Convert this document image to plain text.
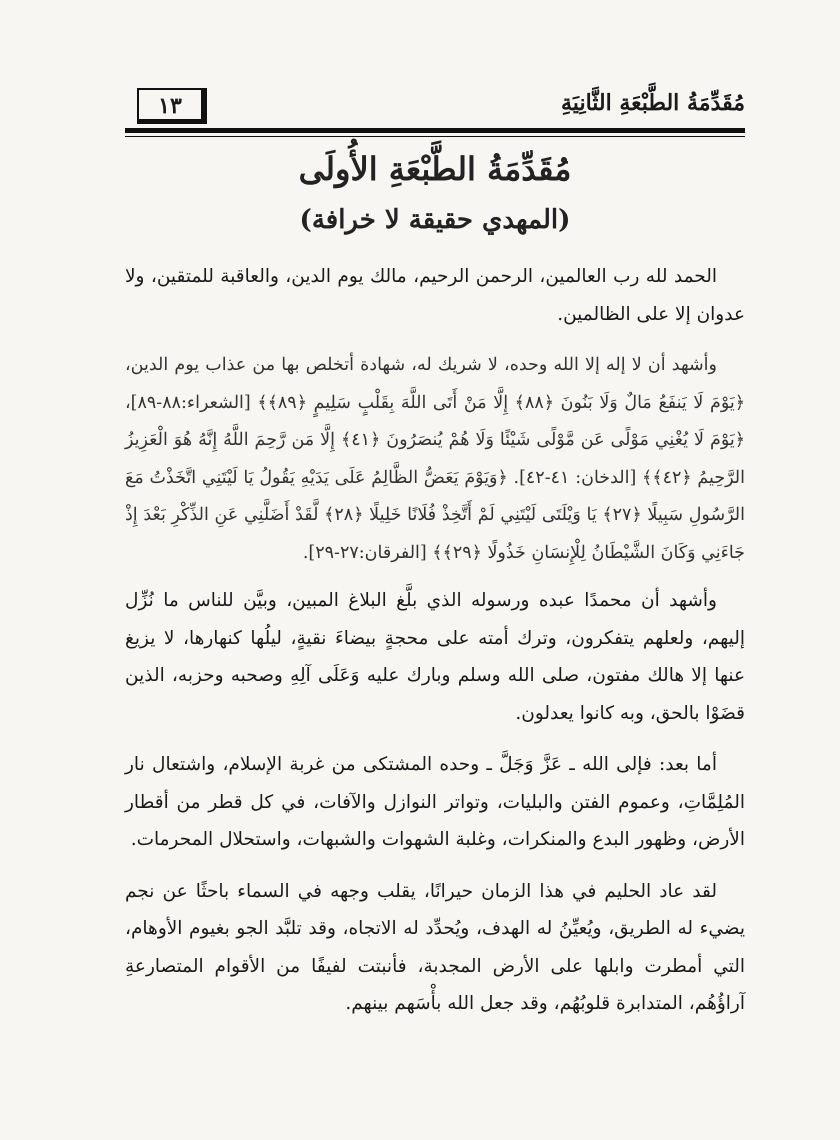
١٣	مُقَدِّمَةُ الطَّبْعَةِ الثَّانِيَةِ
مُقَدِّمَةُ الطَّبْعَةِ الأُولَى
(المهدي حقيقة لا خرافة)

الحمد لله رب العالمين، الرحمن الرحيم، مالك يوم الدين، والعاقبة للمتقين، ولا عدوان إلا على الظالمين.

وأشهد أن لا إله إلا الله وحده، لا شريك له، شهادة أتخلص بها من عذاب يوم الدين، ﴿يَوْمَ لَا يَنفَعُ مَالٌ وَلَا بَنُونَ ﴿٨٨﴾ إِلَّا مَنْ أَتَى اللَّهَ بِقَلْبٍ سَلِيمٍ ﴿٨٩﴾﴾ [الشعراء:٨٨-٨٩]، ﴿يَوْمَ لَا يُغْنِي مَوْلًى عَن مَّوْلًى شَيْئًا وَلَا هُمْ يُنصَرُونَ ﴿٤١﴾ إِلَّا مَن رَّحِمَ اللَّهُ إِنَّهُ هُوَ الْعَزِيزُ الرَّحِيمُ ﴿٤٢﴾﴾ [الدخان: ٤١-٤٢]. ﴿وَيَوْمَ يَعَضُّ الظَّالِمُ عَلَى يَدَيْهِ يَقُولُ يَا لَيْتَنِي اتَّخَذْتُ مَعَ الرَّسُولِ سَبِيلًا ﴿٢٧﴾ يَا وَيْلَتَى لَيْتَنِي لَمْ أَتَّخِذْ فُلَانًا خَلِيلًا ﴿٢٨﴾ لَّقَدْ أَضَلَّنِي عَنِ الذِّكْرِ بَعْدَ إِذْ جَاءَنِي وَكَانَ الشَّيْطَانُ لِلْإِنسَانِ خَذُولًا ﴿٢٩﴾﴾ [الفرقان:٢٧-٢٩].

وأشهد أن محمدًا عبده ورسوله الذي بلَّغ البلاغ المبين، وبيَّن للناس ما نُزِّل إليهم، ولعلهم يتفكرون، وترك أمته على محجةٍ بيضاءَ نقيةٍ، ليلُها كنهارها، لا يزيغ عنها إلا هالك مفتون، صلى الله وسلم وبارك عليه وَعَلَى آلِهِ وصحبه وحزبه، الذين قضَوْا بالحق، وبه كانوا يعدلون.

أما بعد: فإلى الله ـ عَزَّ وَجَلَّ ـ وحده المشتكى من غربة الإسلام، واشتعال نار المُلِمَّاتِ، وعموم الفتن والبليات، وتواتر النوازل والآفات، في كل قطر من أقطار الأرض، وظهور البدع والمنكرات، وغلبة الشهوات والشبهات، واستحلال المحرمات.

لقد عاد الحليم في هذا الزمان حيرانًا، يقلب وجهه في السماء باحثًا عن نجم يضيء له الطريق، ويُعيِّنُ له الهدف، ويُحدِّد له الاتجاه، وقد تلبَّد الجو بغيوم الأوهام، التي أمطرت وابلها على الأرض المجدبة، فأنبتت لفيفًا من الأقوام المتصارعةِ آراؤُهُم، المتدابرة قلوبُهُم، وقد جعل الله بأْسَهم بينهم.
